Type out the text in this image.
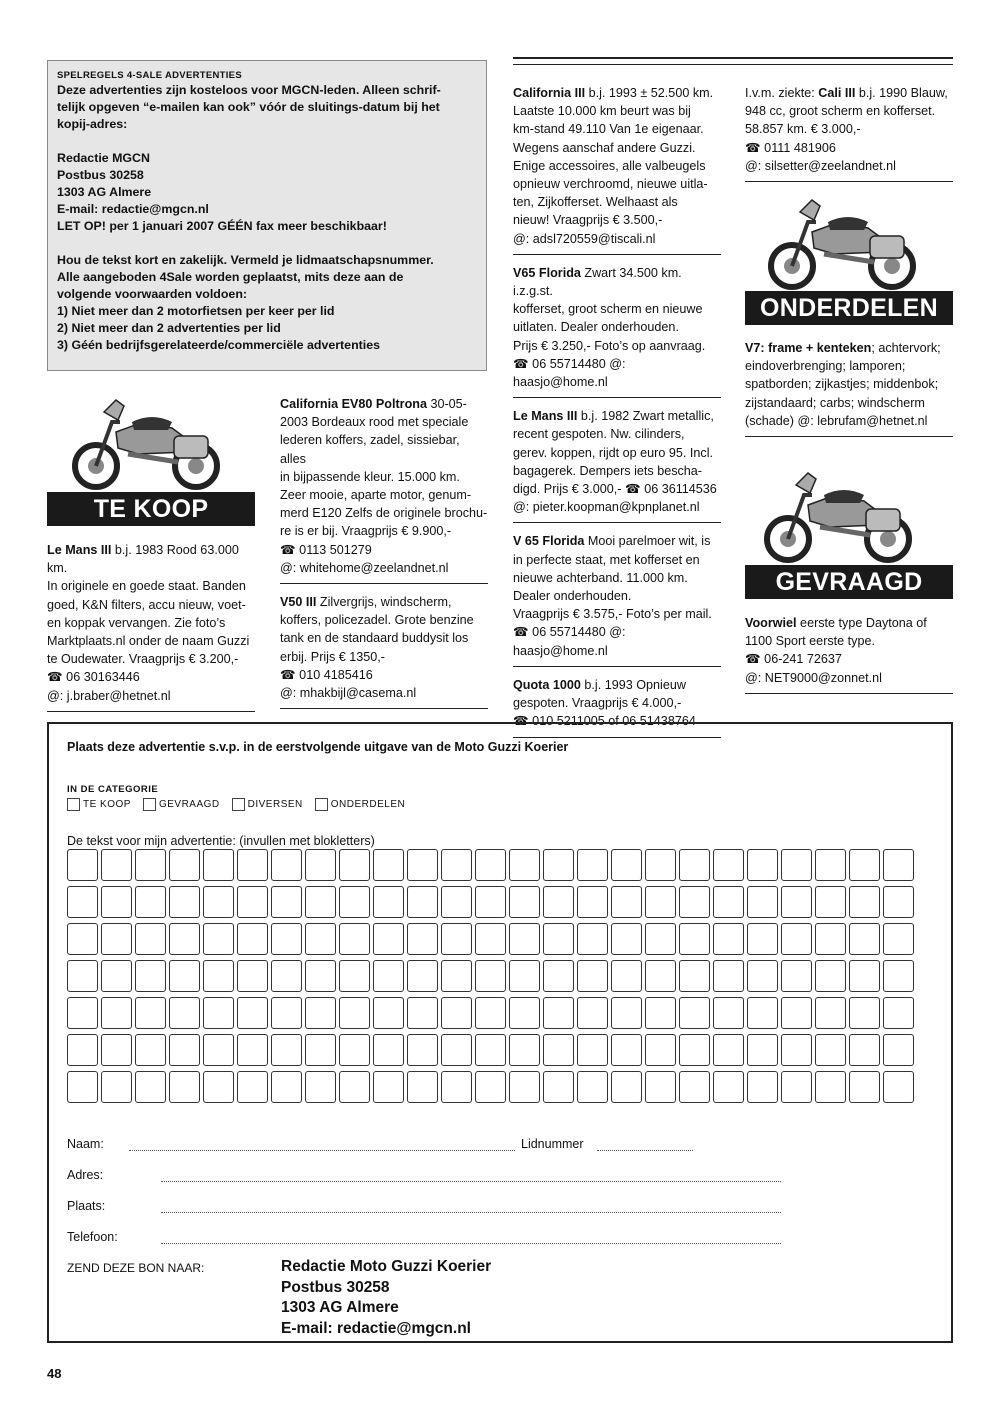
SPELREGELS 4-SALE ADVERTENTIES

Deze advertenties zijn kosteloos voor MGCN-leden. Alleen schrif-

telijk opgeven “e-mailen kan ook” vóór de sluitings-datum bij het

kopij-adres:

Redactie MGCN

Postbus 30258

1303 AG Almere

E-mail: redactie@mgcn.nl

LET OP! per 1 januari 2007 GÉÉN fax meer beschikbaar!

Hou de tekst kort en zakelijk. Vermeld je lidmaatschapsnummer.

Alle aangeboden 4Sale worden geplaatst, mits deze aan de

volgende voorwaarden voldoen:

1) Niet meer dan 2 motorfietsen per keer per lid

2) Niet meer dan 2 advertenties per lid

3) Géén bedrijfsgerelateerde/commerciële advertenties

TE KOOP
ONDERDELEN
GEVRAAGD
Le Mans III b.j. 1983 Rood 63.000 km.
In originele en goede staat. Banden
goed, K&N filters, accu nieuw, voet-
en koppak vervangen. Zie foto’s
Marktplaats.nl onder de naam Guzzi
te Oudewater. Vraagprijs € 3.200,-
☎ 06 30163446
@: j.braber@hetnet.nl
California EV80 Poltrona 30-05-
2003 Bordeaux rood met speciale
lederen koffers, zadel, sissiebar, alles
in bijpassende kleur. 15.000 km.
Zeer mooie, aparte motor, genum-
merd E120 Zelfs de originele brochu-
re is er bij. Vraagprijs € 9.900,-
☎ 0113 501279
@: whitehome@zeelandnet.nl
V50 III Zilvergrijs, windscherm,
koffers, policezadel. Grote benzine
tank en de standaard buddysit los
erbij. Prijs € 1350,-
☎ 010 4185416
@: mhakbijl@casema.nl
California III b.j. 1993 ± 52.500 km.
Laatste 10.000 km beurt was bij
km-stand 49.110 Van 1e eigenaar.
Wegens aanschaf andere Guzzi.
Enige accessoires, alle valbeugels
opnieuw verchroomd, nieuwe uitla-
ten, Zijkofferset. Welhaast als
nieuw! Vraagprijs € 3.500,-
@: adsl720559@tiscali.nl
V65 Florida Zwart 34.500 km. i.z.g.st.
kofferset, groot scherm en nieuwe
uitlaten. Dealer onderhouden.
Prijs € 3.250,- Foto’s op aanvraag.
☎ 06 55714480 @: haasjo@home.nl
Le Mans III b.j. 1982 Zwart metallic,
recent gespoten. Nw. cilinders,
gerev. koppen, rijdt op euro 95. Incl.
bagagerek. Dempers iets bescha-
digd. Prijs € 3.000,- ☎ 06 36114536
@: pieter.koopman@kpnplanet.nl
V 65 Florida Mooi parelmoer wit, is
in perfecte staat, met kofferset en
nieuwe achterband. 11.000 km.
Dealer onderhouden.
Vraagprijs € 3.575,- Foto’s per mail.
☎ 06 55714480 @: haasjo@home.nl
Quota 1000 b.j. 1993 Opnieuw
gespoten. Vraagprijs € 4.000,-
☎ 010 5211005 of 06 51438764
I.v.m. ziekte: Cali III b.j. 1990 Blauw,
948 cc, groot scherm en kofferset.
58.857 km. € 3.000,-
☎ 0111 481906
@: silsetter@zeelandnet.nl
V7: frame + kenteken; achtervork;
eindoverbrenging; lamporen;
spatborden; zijkastjes; middenbok;
zijstandaard; carbs; windscherm
(schade) @: lebrufam@hetnet.nl
Voorwiel eerste type Daytona of
1100 Sport eerste type.
☎ 06-241 72637
@: NET9000@zonnet.nl
Plaats deze advertentie s.v.p. in de eerstvolgende uitgave van de Moto Guzzi Koerier
IN DE CATEGORIE
TE KOOP	GEVRAAGD	DIVERSEN	ONDERDELEN
De tekst voor mijn advertentie: (invullen met blokletters)
Naam:	Lidnummer
Adres:
Plaats:
Telefoon:
ZEND DEZE BON NAAR:	Redactie Moto Guzzi Koerier
Postbus 30258
1303 AG Almere
E-mail: redactie@mgcn.nl
48
